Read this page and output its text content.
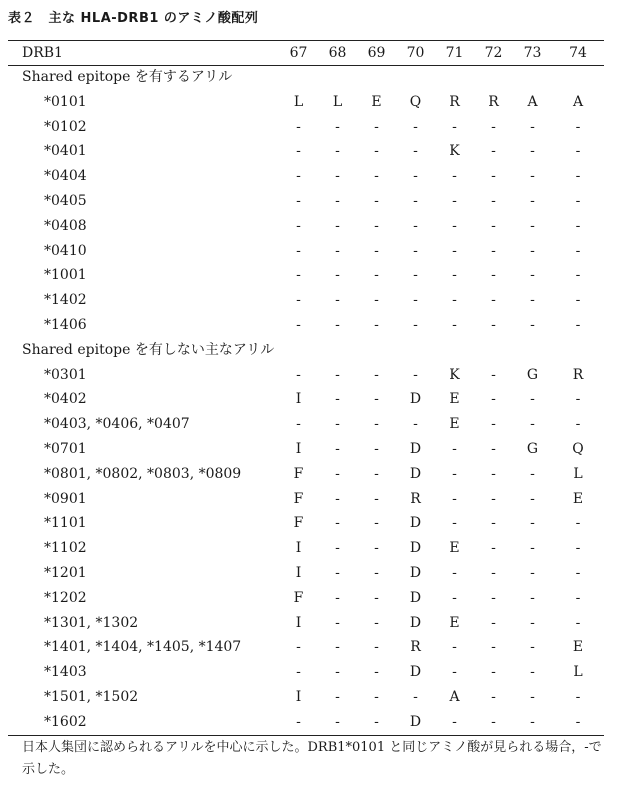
表２　主な HLA-DRB1 のアミノ酸配列
DRB1	67	68	69	70	71	72	73	74
Shared epitope を有するアリル								
*0101	L	L	E	Q	R	R	A	A
*0102	-	-	-	-	-	-	-	-
*0401	-	-	-	-	K	-	-	-
*0404	-	-	-	-	-	-	-	-
*0405	-	-	-	-	-	-	-	-
*0408	-	-	-	-	-	-	-	-
*0410	-	-	-	-	-	-	-	-
*1001	-	-	-	-	-	-	-	-
*1402	-	-	-	-	-	-	-	-
*1406	-	-	-	-	-	-	-	-
Shared epitope を有しない主なアリル								
*0301	-	-	-	-	K	-	G	R
*0402	I	-	-	D	E	-	-	-
*0403, *0406, *0407	-	-	-	-	E	-	-	-
*0701	I	-	-	D	-	-	G	Q
*0801, *0802, *0803, *0809	F	-	-	D	-	-	-	L
*0901	F	-	-	R	-	-	-	E
*1101	F	-	-	D	-	-	-	-
*1102	I	-	-	D	E	-	-	-
*1201	I	-	-	D	-	-	-	-
*1202	F	-	-	D	-	-	-	-
*1301, *1302	I	-	-	D	E	-	-	-
*1401, *1404, *1405, *1407	-	-	-	R	-	-	-	E
*1403	-	-	-	D	-	-	-	L
*1501, *1502	I	-	-	-	A	-	-	-
*1602	-	-	-	D	-	-	-	-
日本人集団に認められるアリルを中心に示した。DRB1*0101 と同じアミノ酸が見られる場合，-で示した。
